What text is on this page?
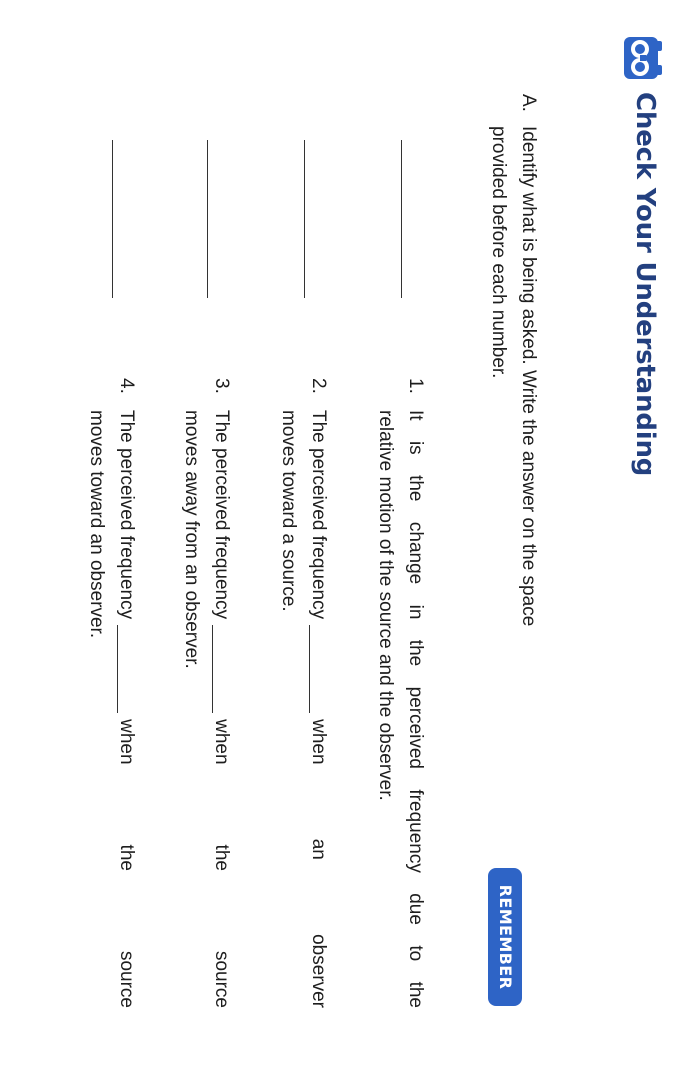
Check Your Understanding
A.
Identify what is being asked. Write the answer on the space
provided before each number.
REMEMBER
1.
It is the change in the perceived frequency due to the
relative motion of the source and the observer.
2.
The perceived frequency
when an observer
moves toward a source.
3.
The perceived frequency
when the source
moves away from an observer.
4.
The perceived frequency
when the source
moves toward an observer.
